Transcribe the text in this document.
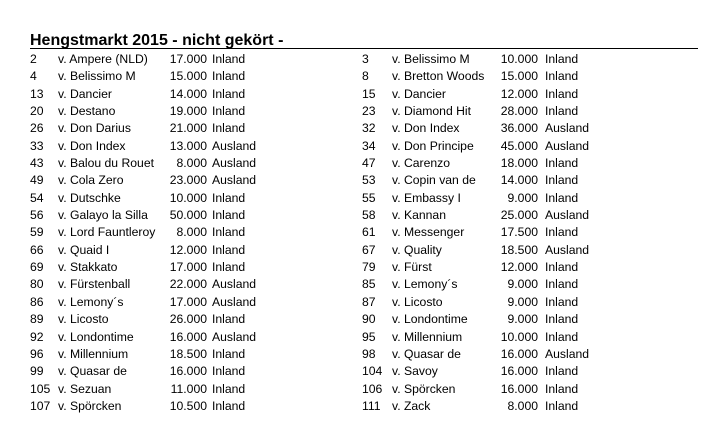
Hengstmarkt 2015 - nicht gekört -
2 v. Ampere (NLD)	17.000 Inland
4 v. Belissimo M	15.000 Inland
13 v. Dancier	14.000 Inland
20 v. Destano	19.000 Inland
26 v. Don Darius	21.000 Inland
33 v. Don Index	13.000 Ausland
43 v. Balou du Rouet	8.000 Ausland
49 v. Cola Zero	23.000 Ausland
54 v. Dutschke	10.000 Inland
56 v. Galayo la Silla	50.000 Inland
59 v. Lord Fauntleroy	8.000 Inland
66 v. Quaid I	12.000 Inland
69 v. Stakkato	17.000 Inland
80 v. Fürstenball	22.000 Ausland
86 v. Lemony´s	17.000 Ausland
89 v. Licosto	26.000 Inland
92 v. Londontime	16.000 Ausland
96 v. Millennium	18.500 Inland
99 v. Quasar de	16.000 Inland
105 v. Sezuan	11.000 Inland
107 v. Spörcken	10.500 Inland
3 v. Belissimo M	10.000 Inland
8 v. Bretton Woods	15.000 Inland
15 v. Dancier	12.000 Inland
23 v. Diamond Hit	28.000 Inland
32 v. Don Index	36.000 Ausland
34 v. Don Principe	45.000 Ausland
47 v. Carenzo	18.000 Inland
53 v. Copin van de	14.000 Inland
55 v. Embassy I	9.000 Inland
58 v. Kannan	25.000 Ausland
61 v. Messenger	17.500 Inland
67 v. Quality	18.500 Ausland
79 v. Fürst	12.000 Inland
85 v. Lemony´s	9.000 Inland
87 v. Licosto	9.000 Inland
90 v. Londontime	9.000 Inland
95 v. Millennium	10.000 Inland
98 v. Quasar de	16.000 Ausland
104 v. Savoy	16.000 Inland
106 v. Spörcken	16.000 Inland
111 v. Zack	8.000 Inland
